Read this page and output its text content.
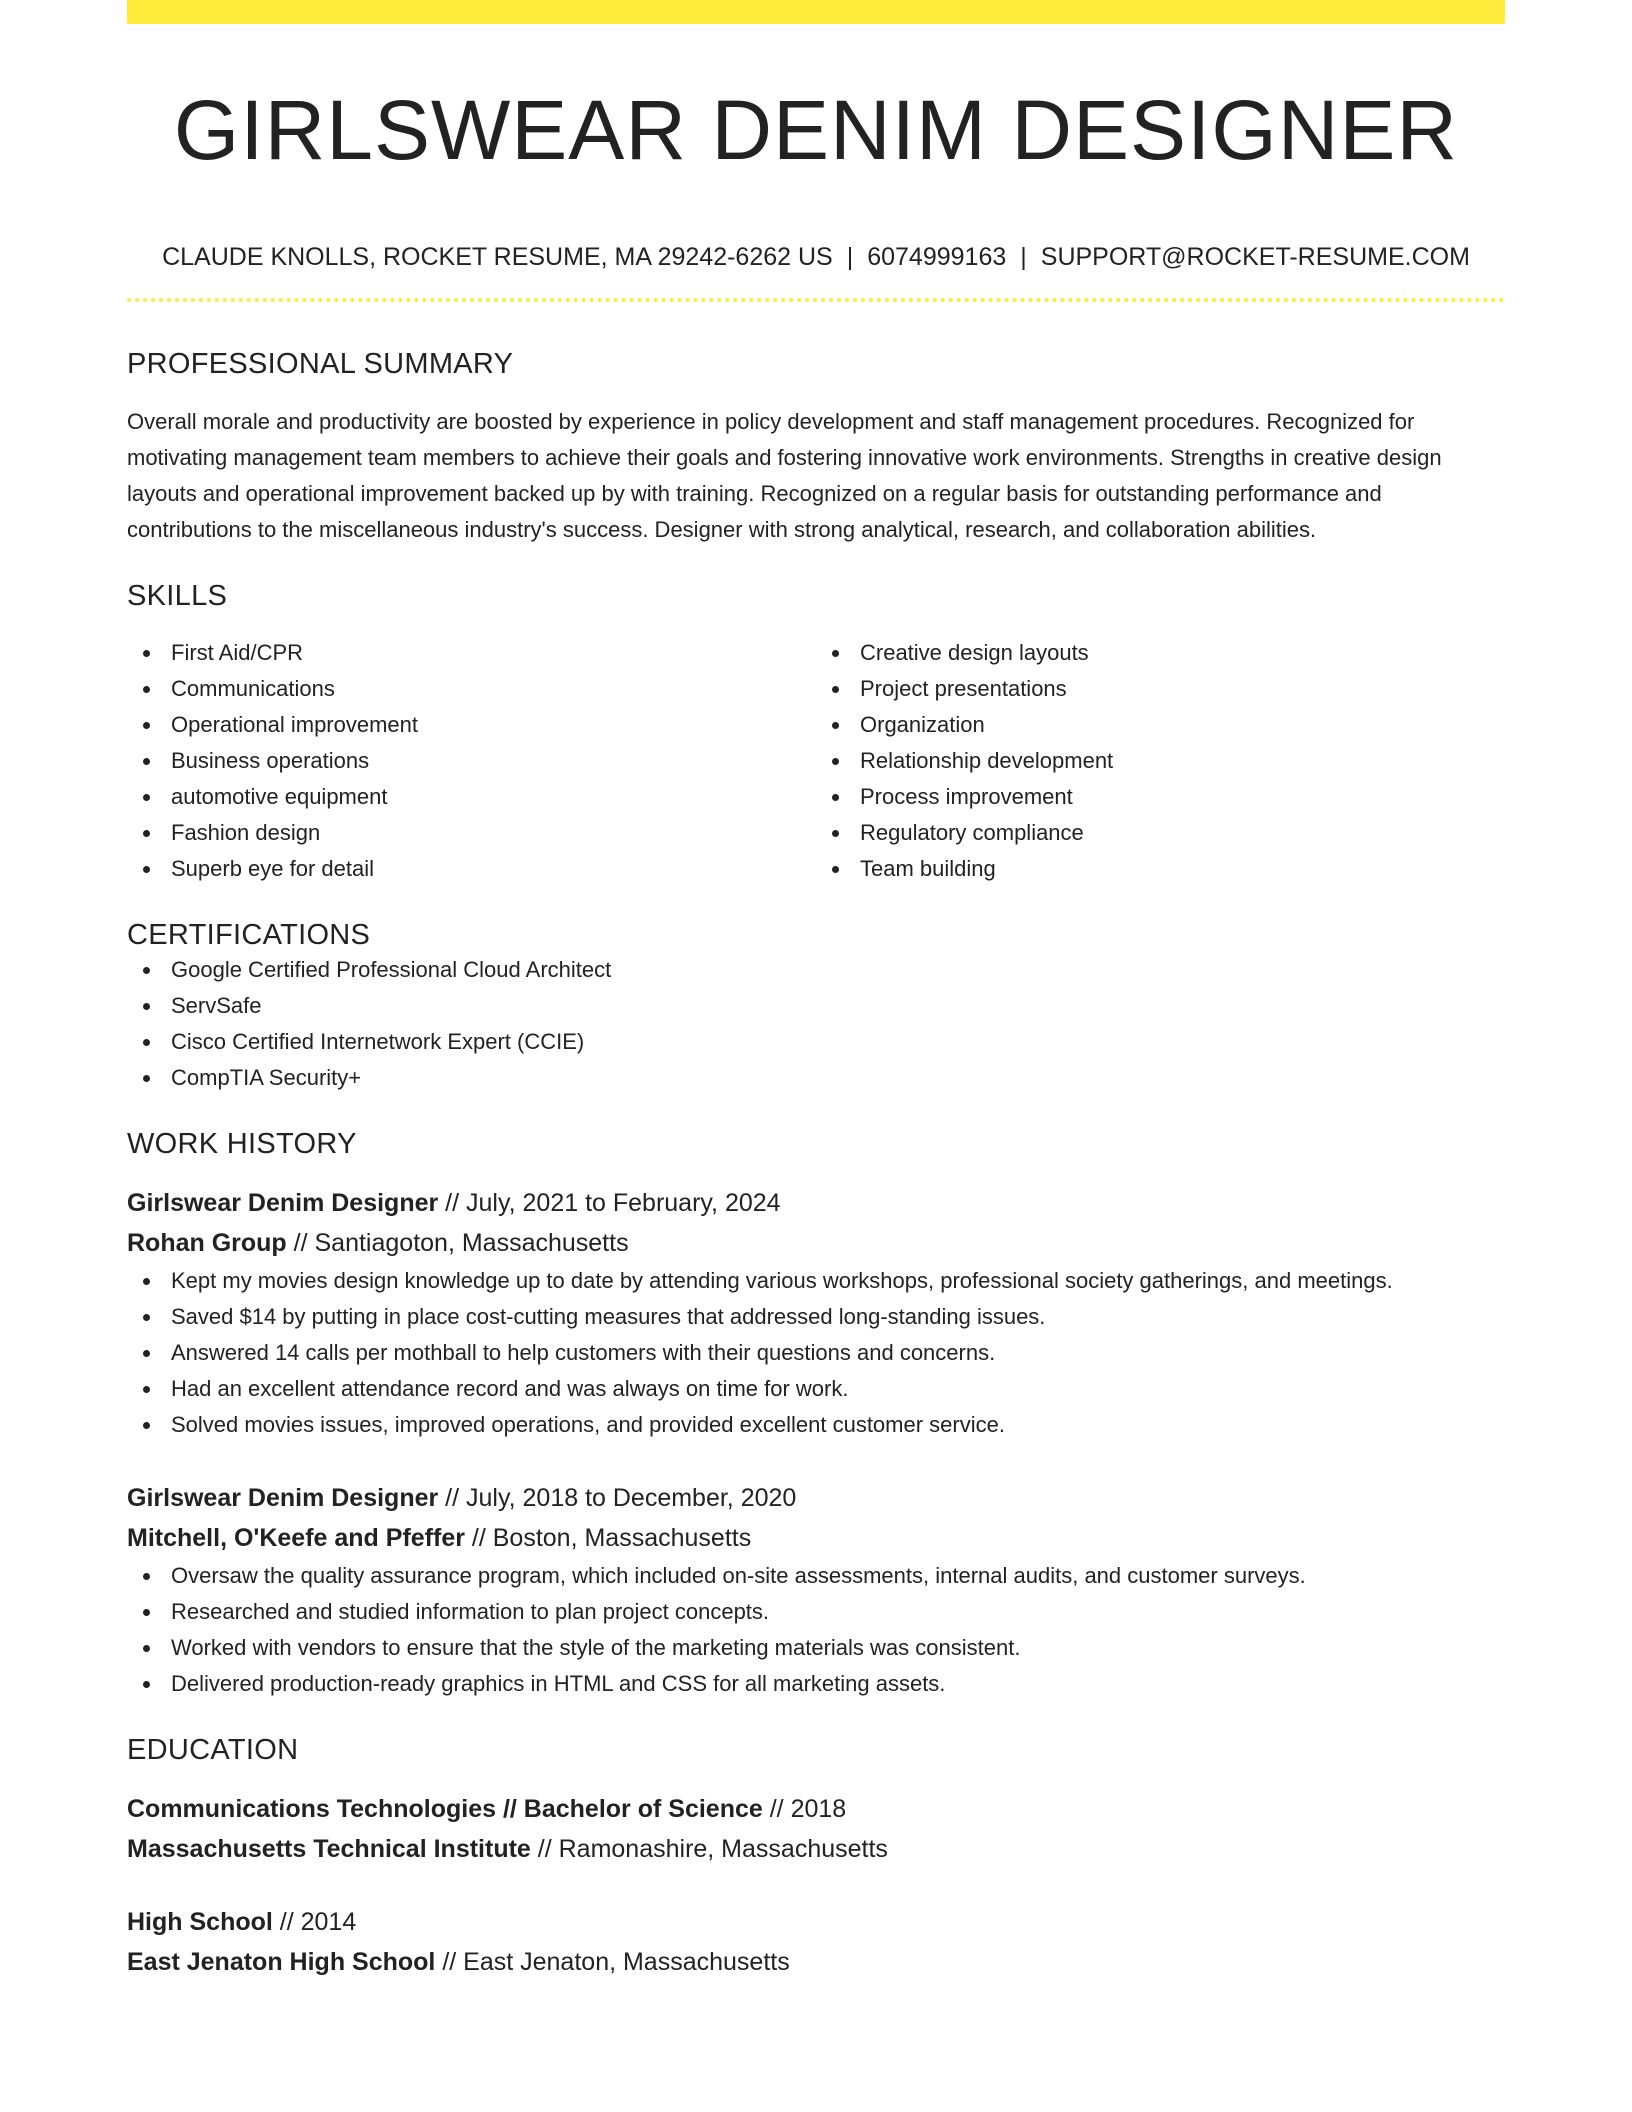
GIRLSWEAR DENIM DESIGNER
CLAUDE KNOLLS, ROCKET RESUME, MA 29242-6262 US | 6074999163 | SUPPORT@ROCKET-RESUME.COM
PROFESSIONAL SUMMARY
Overall morale and productivity are boosted by experience in policy development and staff management procedures. Recognized for motivating management team members to achieve their goals and fostering innovative work environments. Strengths in creative design layouts and operational improvement backed up by with training. Recognized on a regular basis for outstanding performance and contributions to the miscellaneous industry's success. Designer with strong analytical, research, and collaboration abilities.
SKILLS
First Aid/CPR
Communications
Operational improvement
Business operations
automotive equipment
Fashion design
Superb eye for detail
Creative design layouts
Project presentations
Organization
Relationship development
Process improvement
Regulatory compliance
Team building
CERTIFICATIONS
Google Certified Professional Cloud Architect
ServSafe
Cisco Certified Internetwork Expert (CCIE)
CompTIA Security+
WORK HISTORY
Girlswear Denim Designer // July, 2021 to February, 2024
Rohan Group // Santiagoton, Massachusetts
Kept my movies design knowledge up to date by attending various workshops, professional society gatherings, and meetings.
Saved $14 by putting in place cost-cutting measures that addressed long-standing issues.
Answered 14 calls per mothball to help customers with their questions and concerns.
Had an excellent attendance record and was always on time for work.
Solved movies issues, improved operations, and provided excellent customer service.
Girlswear Denim Designer // July, 2018 to December, 2020
Mitchell, O'Keefe and Pfeffer // Boston, Massachusetts
Oversaw the quality assurance program, which included on-site assessments, internal audits, and customer surveys.
Researched and studied information to plan project concepts.
Worked with vendors to ensure that the style of the marketing materials was consistent.
Delivered production-ready graphics in HTML and CSS for all marketing assets.
EDUCATION
Communications Technologies // Bachelor of Science // 2018
Massachusetts Technical Institute // Ramonashire, Massachusetts
High School // 2014
East Jenaton High School // East Jenaton, Massachusetts
